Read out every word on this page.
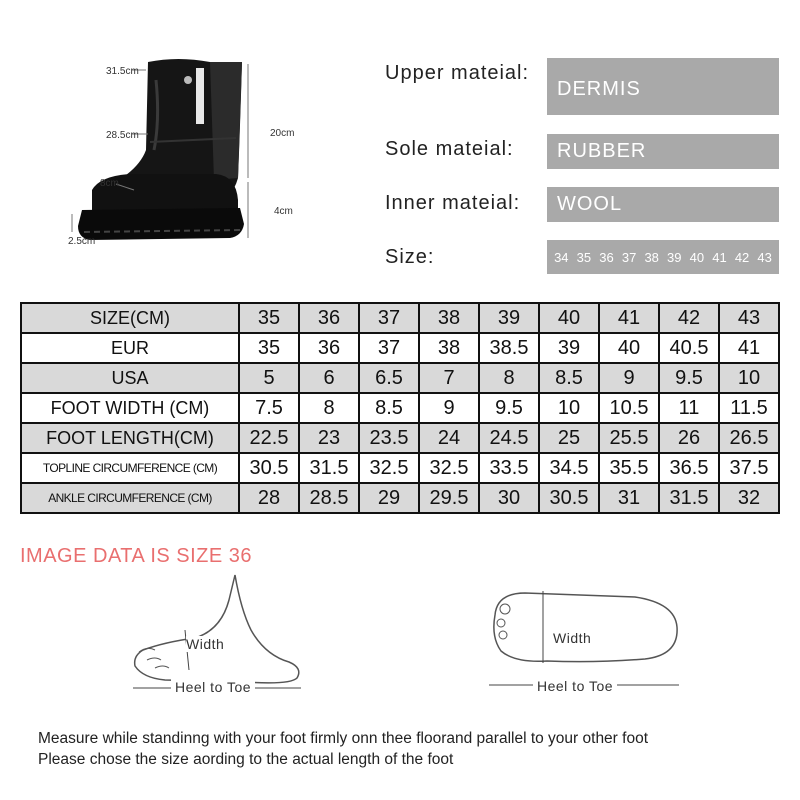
31.5cm
28.5cm
8cm
2.5cm
20cm
4cm
Upper mateial:
DERMIS
Sole mateial:	RUBBER
Inner mateial:	WOOL
Size:	34 35 36 37 38 39 40 41 42 43
SIZE(CM)	35	36	37	38	39	40	41	42	43
EUR	35	36	37	38	38.5	39	40	40.5	41
USA	5	6	6.5	7	8	8.5	9	9.5	10
FOOT WIDTH (CM)	7.5	8	8.5	9	9.5	10	10.5	11	11.5
FOOT LENGTH(CM)	22.5	23	23.5	24	24.5	25	25.5	26	26.5
TOPLINE CIRCUMFERENCE (CM)	30.5	31.5	32.5	32.5	33.5	34.5	35.5	36.5	37.5
ANKLE CIRCUMFERENCE (CM)	28	28.5	29	29.5	30	30.5	31	31.5	32
IMAGE DATA IS SIZE 36
Width
Heel to Toe
Width
Heel to Toe
Measure while standinng with your foot firmly onn thee floorand parallel to your other foot
Please chose the size aording to the actual length of the foot
